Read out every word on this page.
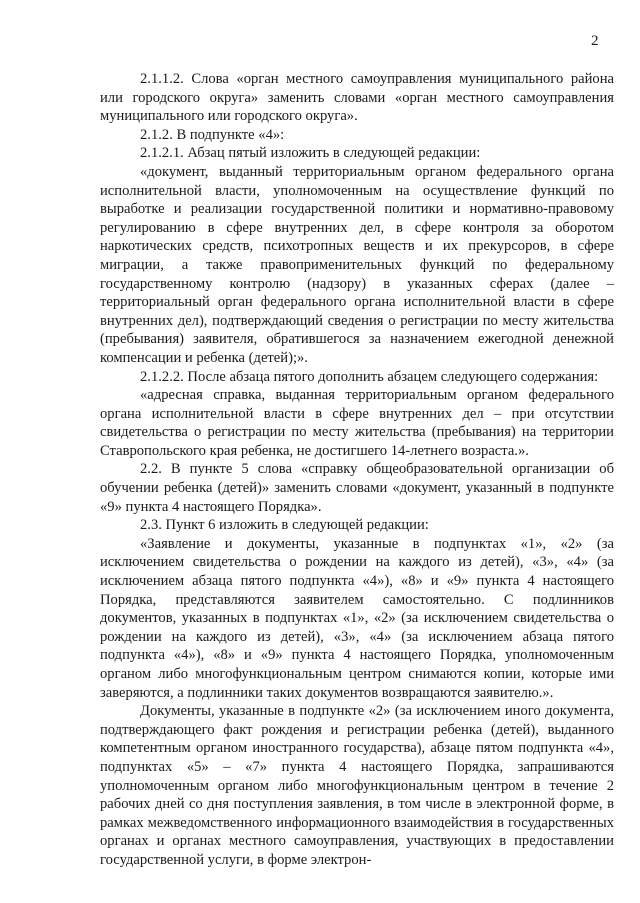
2

2.1.1.2. Слова «орган местного самоуправления муниципального района или городского округа» заменить словами «орган местного самоуправления муниципального или городского округа».

2.1.2. В подпункте «4»:

2.1.2.1. Абзац пятый изложить в следующей редакции:

«документ, выданный территориальным органом федерального органа исполнительной власти, уполномоченным на осуществление функций по выработке и реализации государственной политики и нормативно-правовому регулированию в сфере внутренних дел, в сфере контроля за оборотом наркотических средств, психотропных веществ и их прекурсоров, в сфере миграции, а также правоприменительных функций по федеральному государственному контролю (надзору) в указанных сферах (далее – территориальный орган федерального органа исполнительной власти в сфере внутренних дел), подтверждающий сведения о регистрации по месту жительства (пребывания) заявителя, обратившегося за назначением ежегодной денежной компенсации и ребенка (детей);».

2.1.2.2. После абзаца пятого дополнить абзацем следующего содержания:

«адресная справка, выданная территориальным органом федерального органа исполнительной власти в сфере внутренних дел – при отсутствии свидетельства о регистрации по месту жительства (пребывания) на территории Ставропольского края ребенка, не достигшего 14-летнего возраста.».

2.2. В пункте 5 слова «справку общеобразовательной организации об обучении ребенка (детей)» заменить словами «документ, указанный в подпункте «9» пункта 4 настоящего Порядка».

2.3. Пункт 6 изложить в следующей редакции:

«Заявление и документы, указанные в подпунктах «1», «2» (за исключением свидетельства о рождении на каждого из детей), «3», «4» (за исключением абзаца пятого подпункта «4»), «8» и «9» пункта 4 настоящего Порядка, представляются заявителем самостоятельно. С подлинников документов, указанных в подпунктах «1», «2» (за исключением свидетельства о рождении на каждого из детей), «3», «4» (за исключением абзаца пятого подпункта «4»), «8» и «9» пункта 4 настоящего Порядка, уполномоченным органом либо многофункциональным центром снимаются копии, которые ими заверяются, а подлинники таких документов возвращаются заявителю.».

Документы, указанные в подпункте «2» (за исключением иного документа, подтверждающего факт рождения и регистрации ребенка (детей), выданного компетентным органом иностранного государства), абзаце пятом подпункта «4», подпунктах «5» – «7» пункта 4 настоящего Порядка, запрашиваются уполномоченным органом либо многофункциональным центром в течение 2 рабочих дней со дня поступления заявления, в том числе в электронной форме, в рамках межведомственного информационного взаимодействия в государственных органах и органах местного самоуправления, участвующих в предоставлении государственной услуги, в форме электрон-
